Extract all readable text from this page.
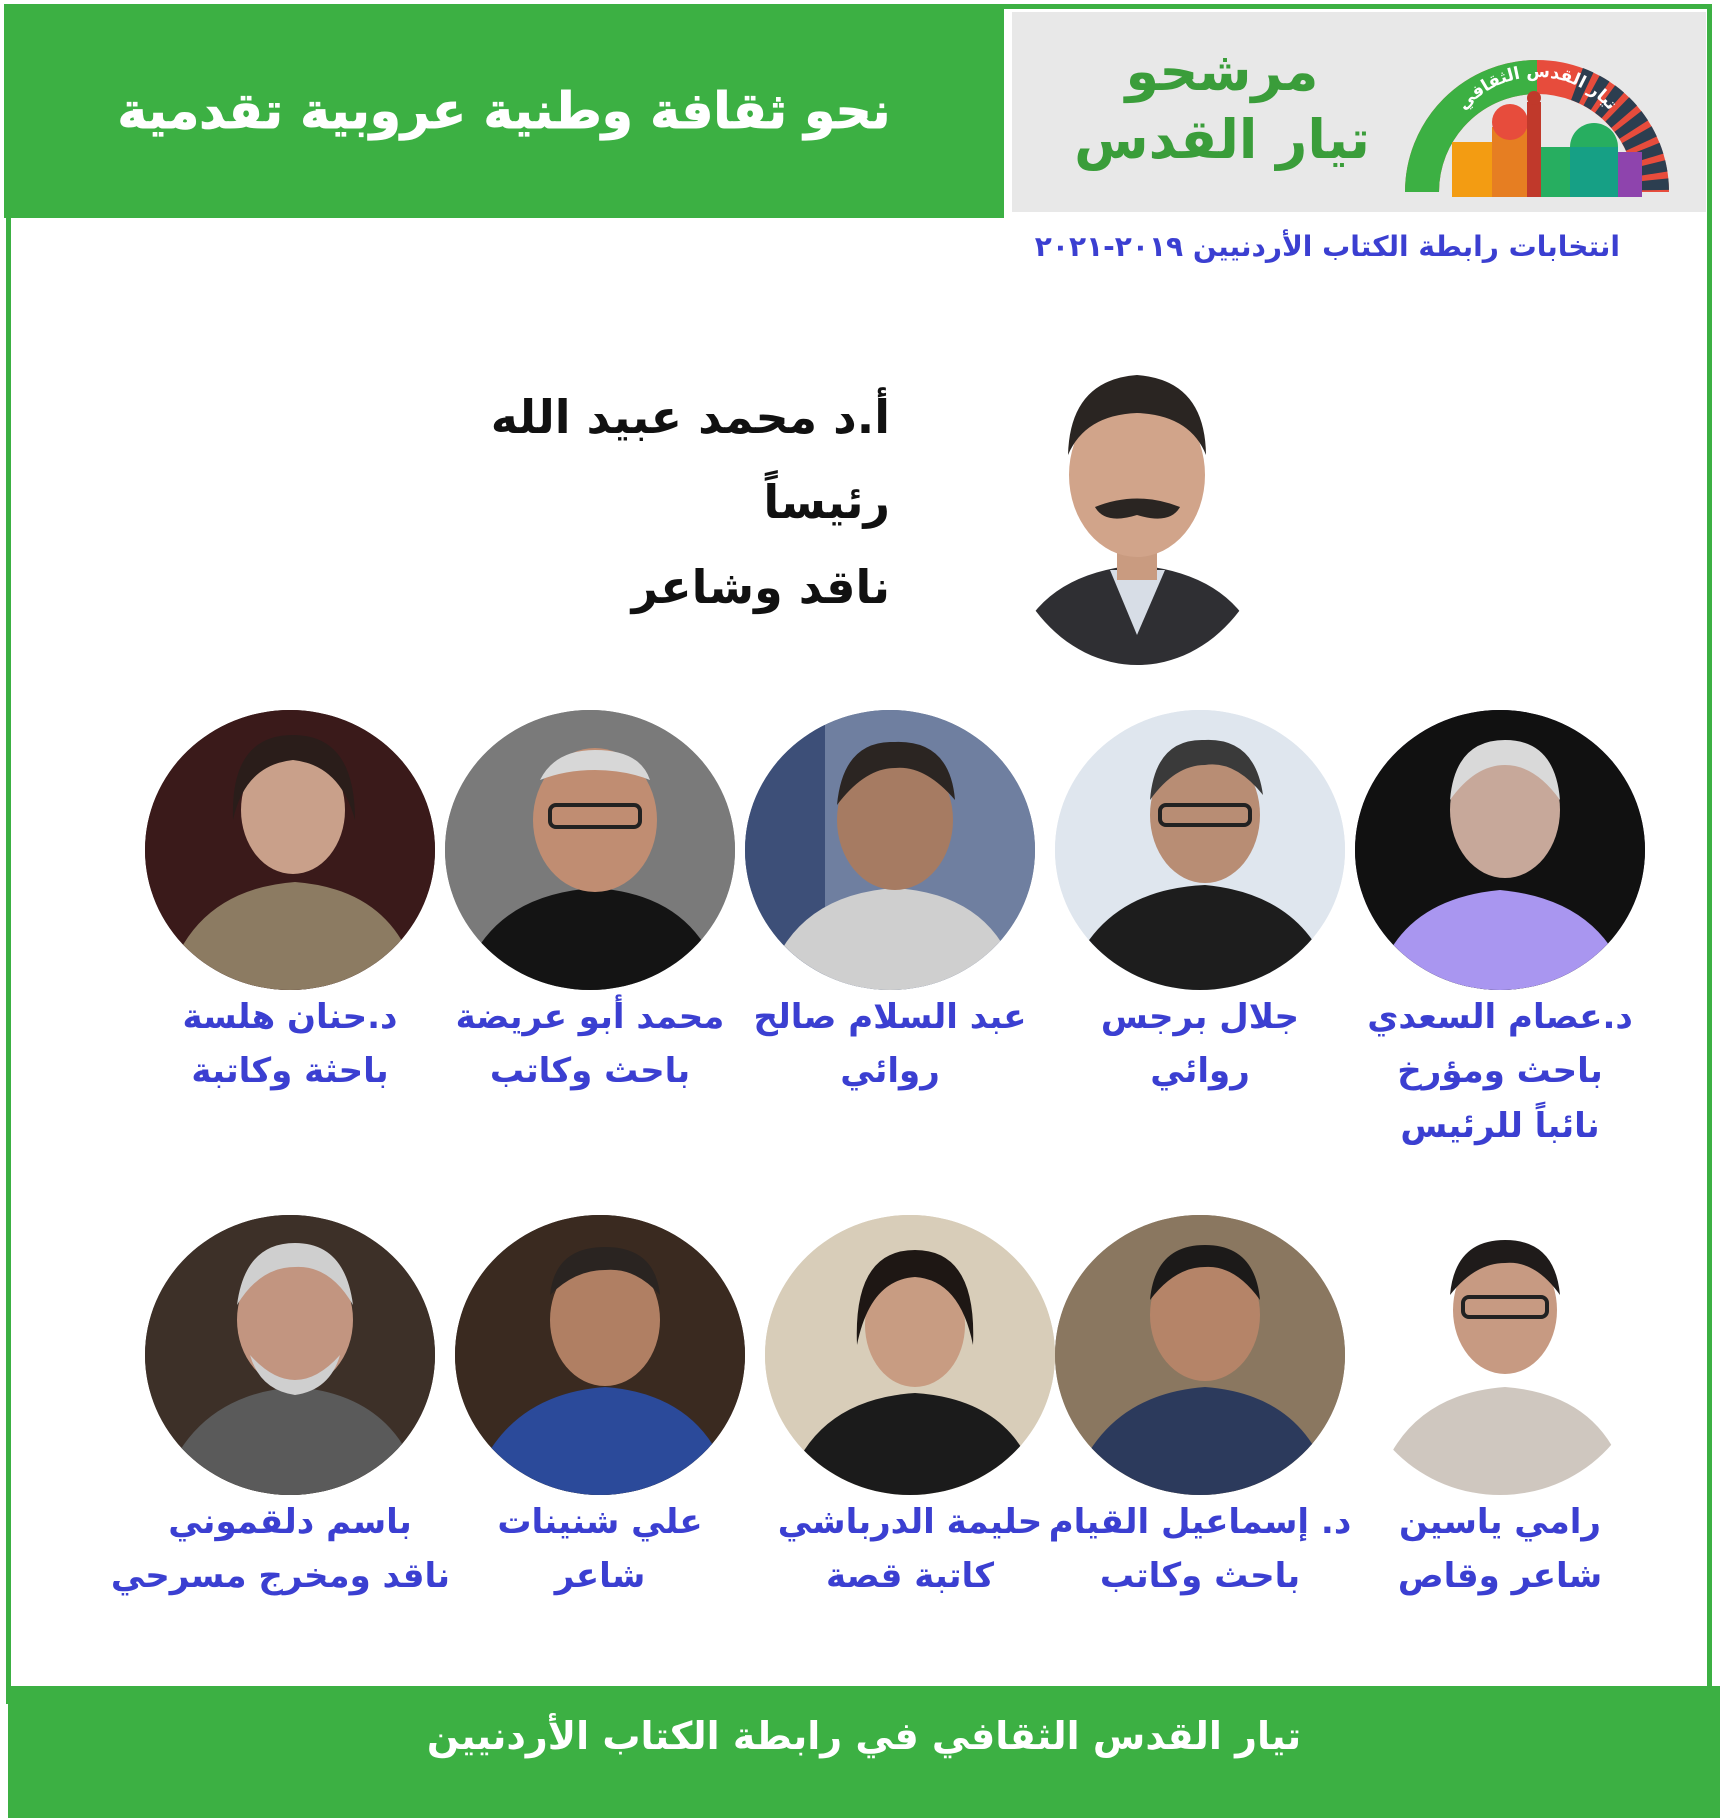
نحو ثقافة وطنية عروبية تقدمية
مرشحو
تيار القدس
تيار القدس الثقافي
انتخابات رابطة الكتاب الأردنيين ٢٠١٩-٢٠٢١
أ.د محمد عبيد الله
رئيساً
ناقد وشاعر
د.عصام السعدي
باحث ومؤرخ
نائباً للرئيس
جلال برجس
روائي
عبد السلام صالح
روائي
محمد أبو عريضة
باحث وكاتب
د.حنان هلسة
باحثة وكاتبة
رامي ياسين
شاعر وقاص
د. إسماعيل القيام
باحث وكاتب
حليمة الدرباشي
كاتبة قصة
علي شنينات
شاعر
باسم دلقموني
ناقد ومخرج مسرحي
تيار القدس الثقافي في رابطة الكتاب الأردنيين
